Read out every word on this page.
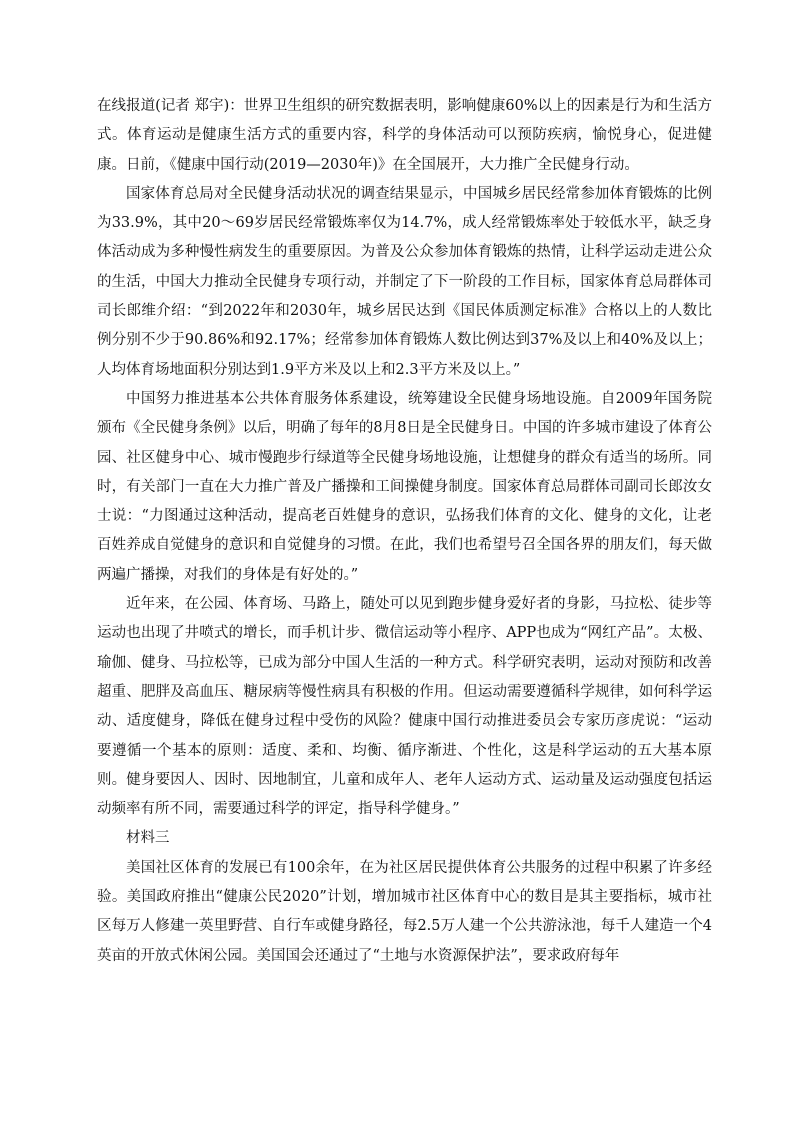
在线报道(记者 郑宇)：世界卫生组织的研究数据表明，影响健康60%以上的因素是行为和生活方式。体育运动是健康生活方式的重要内容，科学的身体活动可以预防疾病，愉悦身心，促进健康。日前，《健康中国行动(2019—2030年)》在全国展开，大力推广全民健身行动。

国家体育总局对全民健身活动状况的调查结果显示，中国城乡居民经常参加体育锻炼的比例为33.9%，其中20～69岁居民经常锻炼率仅为14.7%，成人经常锻炼率处于较低水平，缺乏身体活动成为多种慢性病发生的重要原因。为普及公众参加体育锻炼的热情，让科学运动走进公众的生活，中国大力推动全民健身专项行动，并制定了下一阶段的工作目标，国家体育总局群体司司长郎维介绍：“到2022年和2030年，城乡居民达到《国民体质测定标准》合格以上的人数比例分别不少于90.86%和92.17%；经常参加体育锻炼人数比例达到37%及以上和40%及以上；人均体育场地面积分别达到1.9平方米及以上和2.3平方米及以上。”

中国努力推进基本公共体育服务体系建设，统筹建设全民健身场地设施。自2009年国务院颁布《全民健身条例》以后，明确了每年的8月8日是全民健身日。中国的许多城市建设了体育公园、社区健身中心、城市慢跑步行绿道等全民健身场地设施，让想健身的群众有适当的场所。同时，有关部门一直在大力推广普及广播操和工间操健身制度。国家体育总局群体司副司长郎汝女士说：“力图通过这种活动，提高老百姓健身的意识，弘扬我们体育的文化、健身的文化，让老百姓养成自觉健身的意识和自觉健身的习惯。在此，我们也希望号召全国各界的朋友们，每天做两遍广播操，对我们的身体是有好处的。”

近年来，在公园、体育场、马路上，随处可以见到跑步健身爱好者的身影，马拉松、徒步等运动也出现了井喷式的增长，而手机计步、微信运动等小程序、APP也成为“网红产品”。太极、瑜伽、健身、马拉松等，已成为部分中国人生活的一种方式。科学研究表明，运动对预防和改善超重、肥胖及高血压、糖尿病等慢性病具有积极的作用。但运动需要遵循科学规律，如何科学运动、适度健身，降低在健身过程中受伤的风险？健康中国行动推进委员会专家历彦虎说：“运动要遵循一个基本的原则：适度、柔和、均衡、循序渐进、个性化，这是科学运动的五大基本原则。健身要因人、因时、因地制宜，儿童和成年人、老年人运动方式、运动量及运动强度包括运动频率有所不同，需要通过科学的评定，指导科学健身。”

材料三

美国社区体育的发展已有100余年，在为社区居民提供体育公共服务的过程中积累了许多经验。美国政府推出“健康公民2020”计划，增加城市社区体育中心的数目是其主要指标，城市社区每万人修建一英里野营、自行车或健身路径，每2.5万人建一个公共游泳池，每千人建造一个4英亩的开放式休闲公园。美国国会还通过了“土地与水资源保护法”，要求政府每年
